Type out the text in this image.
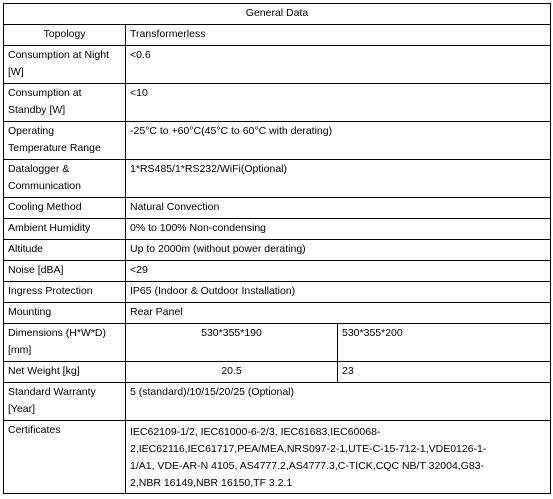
General Data		
Topology	Transformerless	

Consumption at Night
[W]	<0.6	

Consumption at
Standby [W]	<10	

Operating
Temperature Range	-25°C to +60°C(45°C to 60°C with derating)	

Datalogger &
Communication	1*RS485/1*RS232/WiFi(Optional)	
Cooling Method	Natural Convection	
Ambient Humidity	0% to 100% Non-condensing	
Altitude	Up to 2000m (without power derating)	
Noise [dBA]	<29	
Ingress Protection	IP65 (Indoor & Outdoor Installation)	
Mounting	Rear Panel	

Dimensions (H*W*D)
[mm]	530*355*190	530*355*200
Net Weight [kg]	20.5	23

Standard Warranty
[Year]	5 (standard)/10/15/20/25 (Optional)	
Certificates	IEC62109-1/2, IEC61000-6-2/3, IEC61683,IEC60068-
2,IEC62116,IEC61717,PEA/MEA,NRS097-2-1,UTE-C-15-712-1,VDE0126-1-
1/A1, VDE-AR-N 4105, AS4777.2,AS4777.3,C-TICK,CQC NB/T 32004,G83-
2,NBR 16149,NBR 16150,TF 3.2.1	
